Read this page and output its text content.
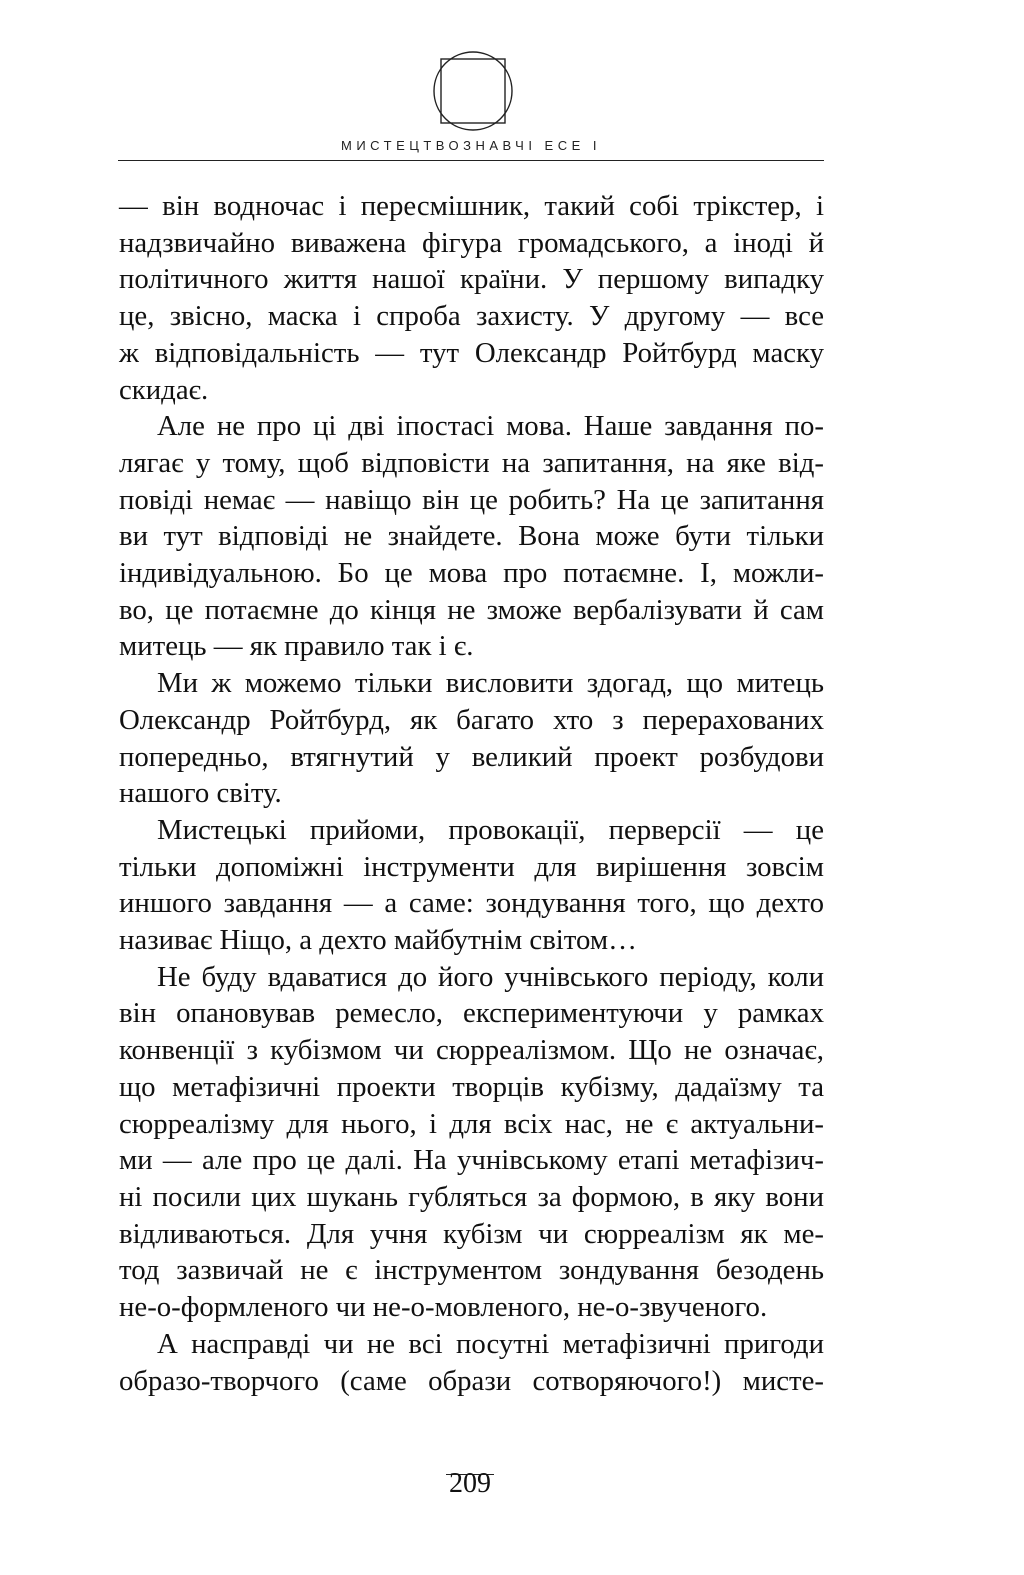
МИСТЕЦТВОЗНАВЧІ ЕСЕ І
— він водночас і пересмішник, такий собі трікстер, і
надзвичайно виважена фігура громадського, а іноді й
політичного життя нашої країни. У першому випадку
це, звісно, маска і спроба захисту. У другому — все
ж відповідальність — тут Олександр Ройтбурд маску
скидає.
Але не про ці дві іпостасі мова. Наше завдання по-
лягає у тому, щоб відповісти на запитання, на яке від-
повіді немає — навіщо він це робить? На це запитання
ви тут відповіді не знайдете. Вона може бути тільки
індивідуальною. Бо це мова про потаємне. І, можли-
во, це потаємне до кінця не зможе вербалізувати й сам
митець — як правило так і є.
Ми ж можемо тільки висловити здогад, що митець
Олександр Ройтбурд, як багато хто з перерахованих
попередньо, втягнутий у великий проект розбудови
нашого світу.
Мистецькі прийоми, провокації, перверсії — це
тільки допоміжні інструменти для вирішення зовсім
иншого завдання — а саме: зондування того, що дехто
називає Ніщо, а дехто майбутнім світом…
Не буду вдаватися до його учнівського періоду, коли
він опановував ремесло, експериментуючи у рамках
конвенції з кубізмом чи сюрреалізмом. Що не означає,
що метафізичні проекти творців кубізму, дадаїзму та
сюрреалізму для нього, і для всіх нас, не є актуальни-
ми — але про це далі. На учнівському етапі метафізич-
ні посили цих шукань губляться за формою, в яку вони
відливаються. Для учня кубізм чи сюрреалізм як ме-
тод зазвичай не є інструментом зондування безодень
не-о-формленого чи не-о-мовленого, не-о-звученого.
А насправді чи не всі посутні метафізичні пригоди
образо-творчого (саме образи сотворяючого!) мисте-
209
